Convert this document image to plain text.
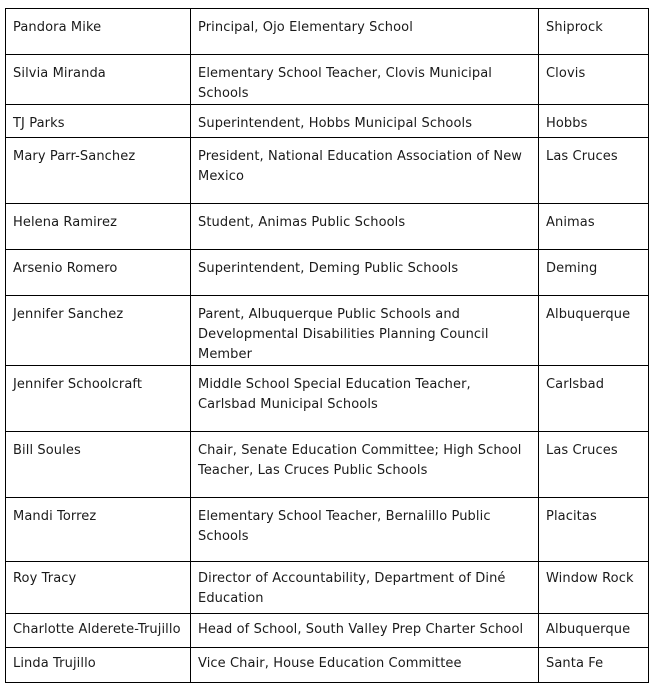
Pandora Mike	Principal, Ojo Elementary School	Shiprock
Silvia Miranda	Elementary School Teacher, Clovis Municipal Schools	Clovis
TJ Parks	Superintendent, Hobbs Municipal Schools	Hobbs
Mary Parr-Sanchez	President, National Education Association of New Mexico	Las Cruces
Helena Ramirez	Student, Animas Public Schools	Animas
Arsenio Romero	Superintendent, Deming Public Schools	Deming
Jennifer Sanchez	Parent, Albuquerque Public Schools and Developmental Disabilities Planning Council Member	Albuquerque
Jennifer Schoolcraft	Middle School Special Education Teacher, Carlsbad Municipal Schools	Carlsbad
Bill Soules	Chair, Senate Education Committee; High School Teacher, Las Cruces Public Schools	Las Cruces
Mandi Torrez	Elementary School Teacher, Bernalillo Public Schools	Placitas
Roy Tracy	Director of Accountability, Department of Diné Education	Window Rock
Charlotte Alderete-Trujillo	Head of School, South Valley Prep Charter School	Albuquerque
Linda Trujillo	Vice Chair, House Education Committee	Santa Fe
